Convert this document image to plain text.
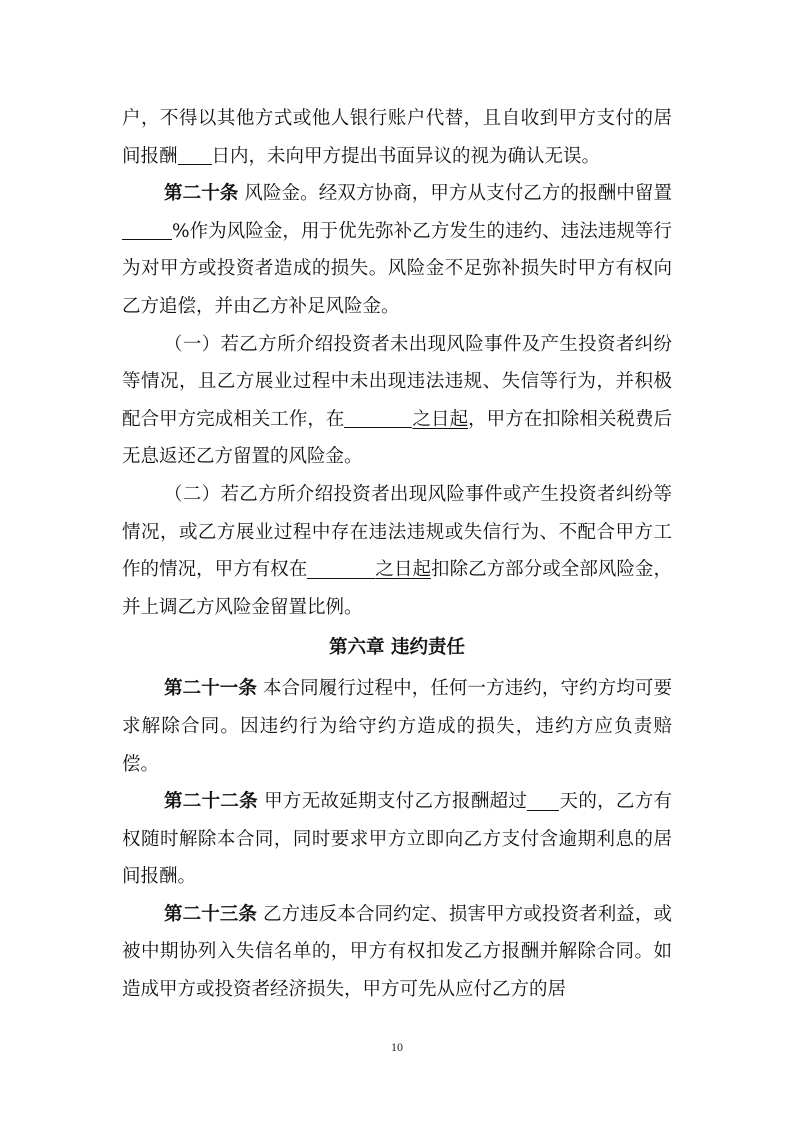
户，不得以其他方式或他人银行账户代替，且自收到甲方支付的居间报酬 日内，未向甲方提出书面异议的视为确认无误。

第二十条 风险金。经双方协商，甲方从支付乙方的报酬中留置%作为风险金，用于优先弥补乙方发生的违约、违法违规等行为对甲方或投资者造成的损失。风险金不足弥补损失时甲方有权向乙方追偿，并由乙方补足风险金。

（一）若乙方所介绍投资者未出现风险事件及产生投资者纠纷等情况，且乙方展业过程中未出现违法违规、失信等行为，并积极配合甲方完成相关工作，在	之日起，甲方在扣除相关税费后无息返还乙方留置的风险金。

（二）若乙方所介绍投资者出现风险事件或产生投资者纠纷等情况，或乙方展业过程中存在违法违规或失信行为、不配合甲方工作的情况，甲方有权在	之日起扣除乙方部分或全部风险金，并上调乙方风险金留置比例。

第六章 违约责任

第二十一条 本合同履行过程中，任何一方违约，守约方均可要求解除合同。因违约行为给守约方造成的损失，违约方应负责赔偿。

第二十二条 甲方无故延期支付乙方报酬超过 天的，乙方有权随时解除本合同，同时要求甲方立即向乙方支付含逾期利息的居间报酬。

第二十三条 乙方违反本合同约定、损害甲方或投资者利益，或被中期协列入失信名单的，甲方有权扣发乙方报酬并解除合同。如造成甲方或投资者经济损失，甲方可先从应付乙方的居

10
